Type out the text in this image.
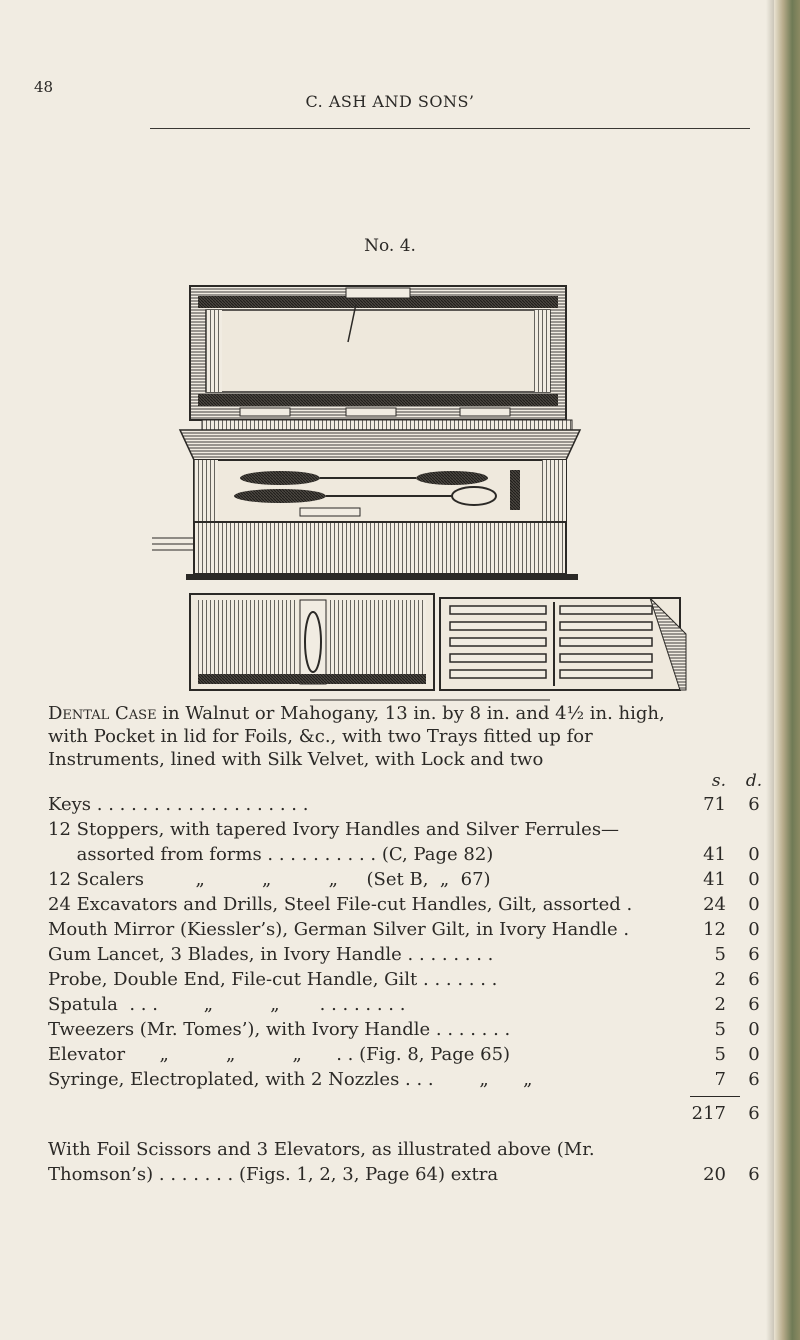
48
C. ASH AND SONS’
No. 4.
Dental Case in Walnut or Mahogany, 13 in. by 8 in. and 4½ in. high, with Pocket in lid for Foils, &c., with two Trays fitted up for Instruments, lined with Silk Velvet, with Lock and two
s. d.
Keys . . . . . . . . . . . . . . . . . . .	71	6
12 Stoppers, with tapered Ivory Handles and Silver Ferrules—
assorted from forms . . . . . . . . . . (C, Page 82)	41	0
12 Scalers         „          „          „     (Set B,  „  67)	41	0
24 Excavators and Drills, Steel File-cut Handles, Gilt, assorted .	24	0
Mouth Mirror (Kiessler’s), German Silver Gilt, in Ivory Handle .	12	0
Gum Lancet, 3 Blades, in Ivory Handle . . . . . . . .	5	6
Probe, Double End, File-cut Handle, Gilt . . . . . . .	2	6
Spatula  . . .        „          „       . . . . . . . .	2	6
Tweezers (Mr. Tomes’), with Ivory Handle . . . . . . .	5	0
Elevator      „          „          „      . . (Fig. 8, Page 65)	5	0
Syringe, Electroplated, with 2 Nozzles . . .        „      „	7	6
217	6
With Foil Scissors and 3 Elevators, as illustrated above (Mr.
Thomson’s) . . . . . . . (Figs. 1, 2, 3, Page 64) extra	20	6
